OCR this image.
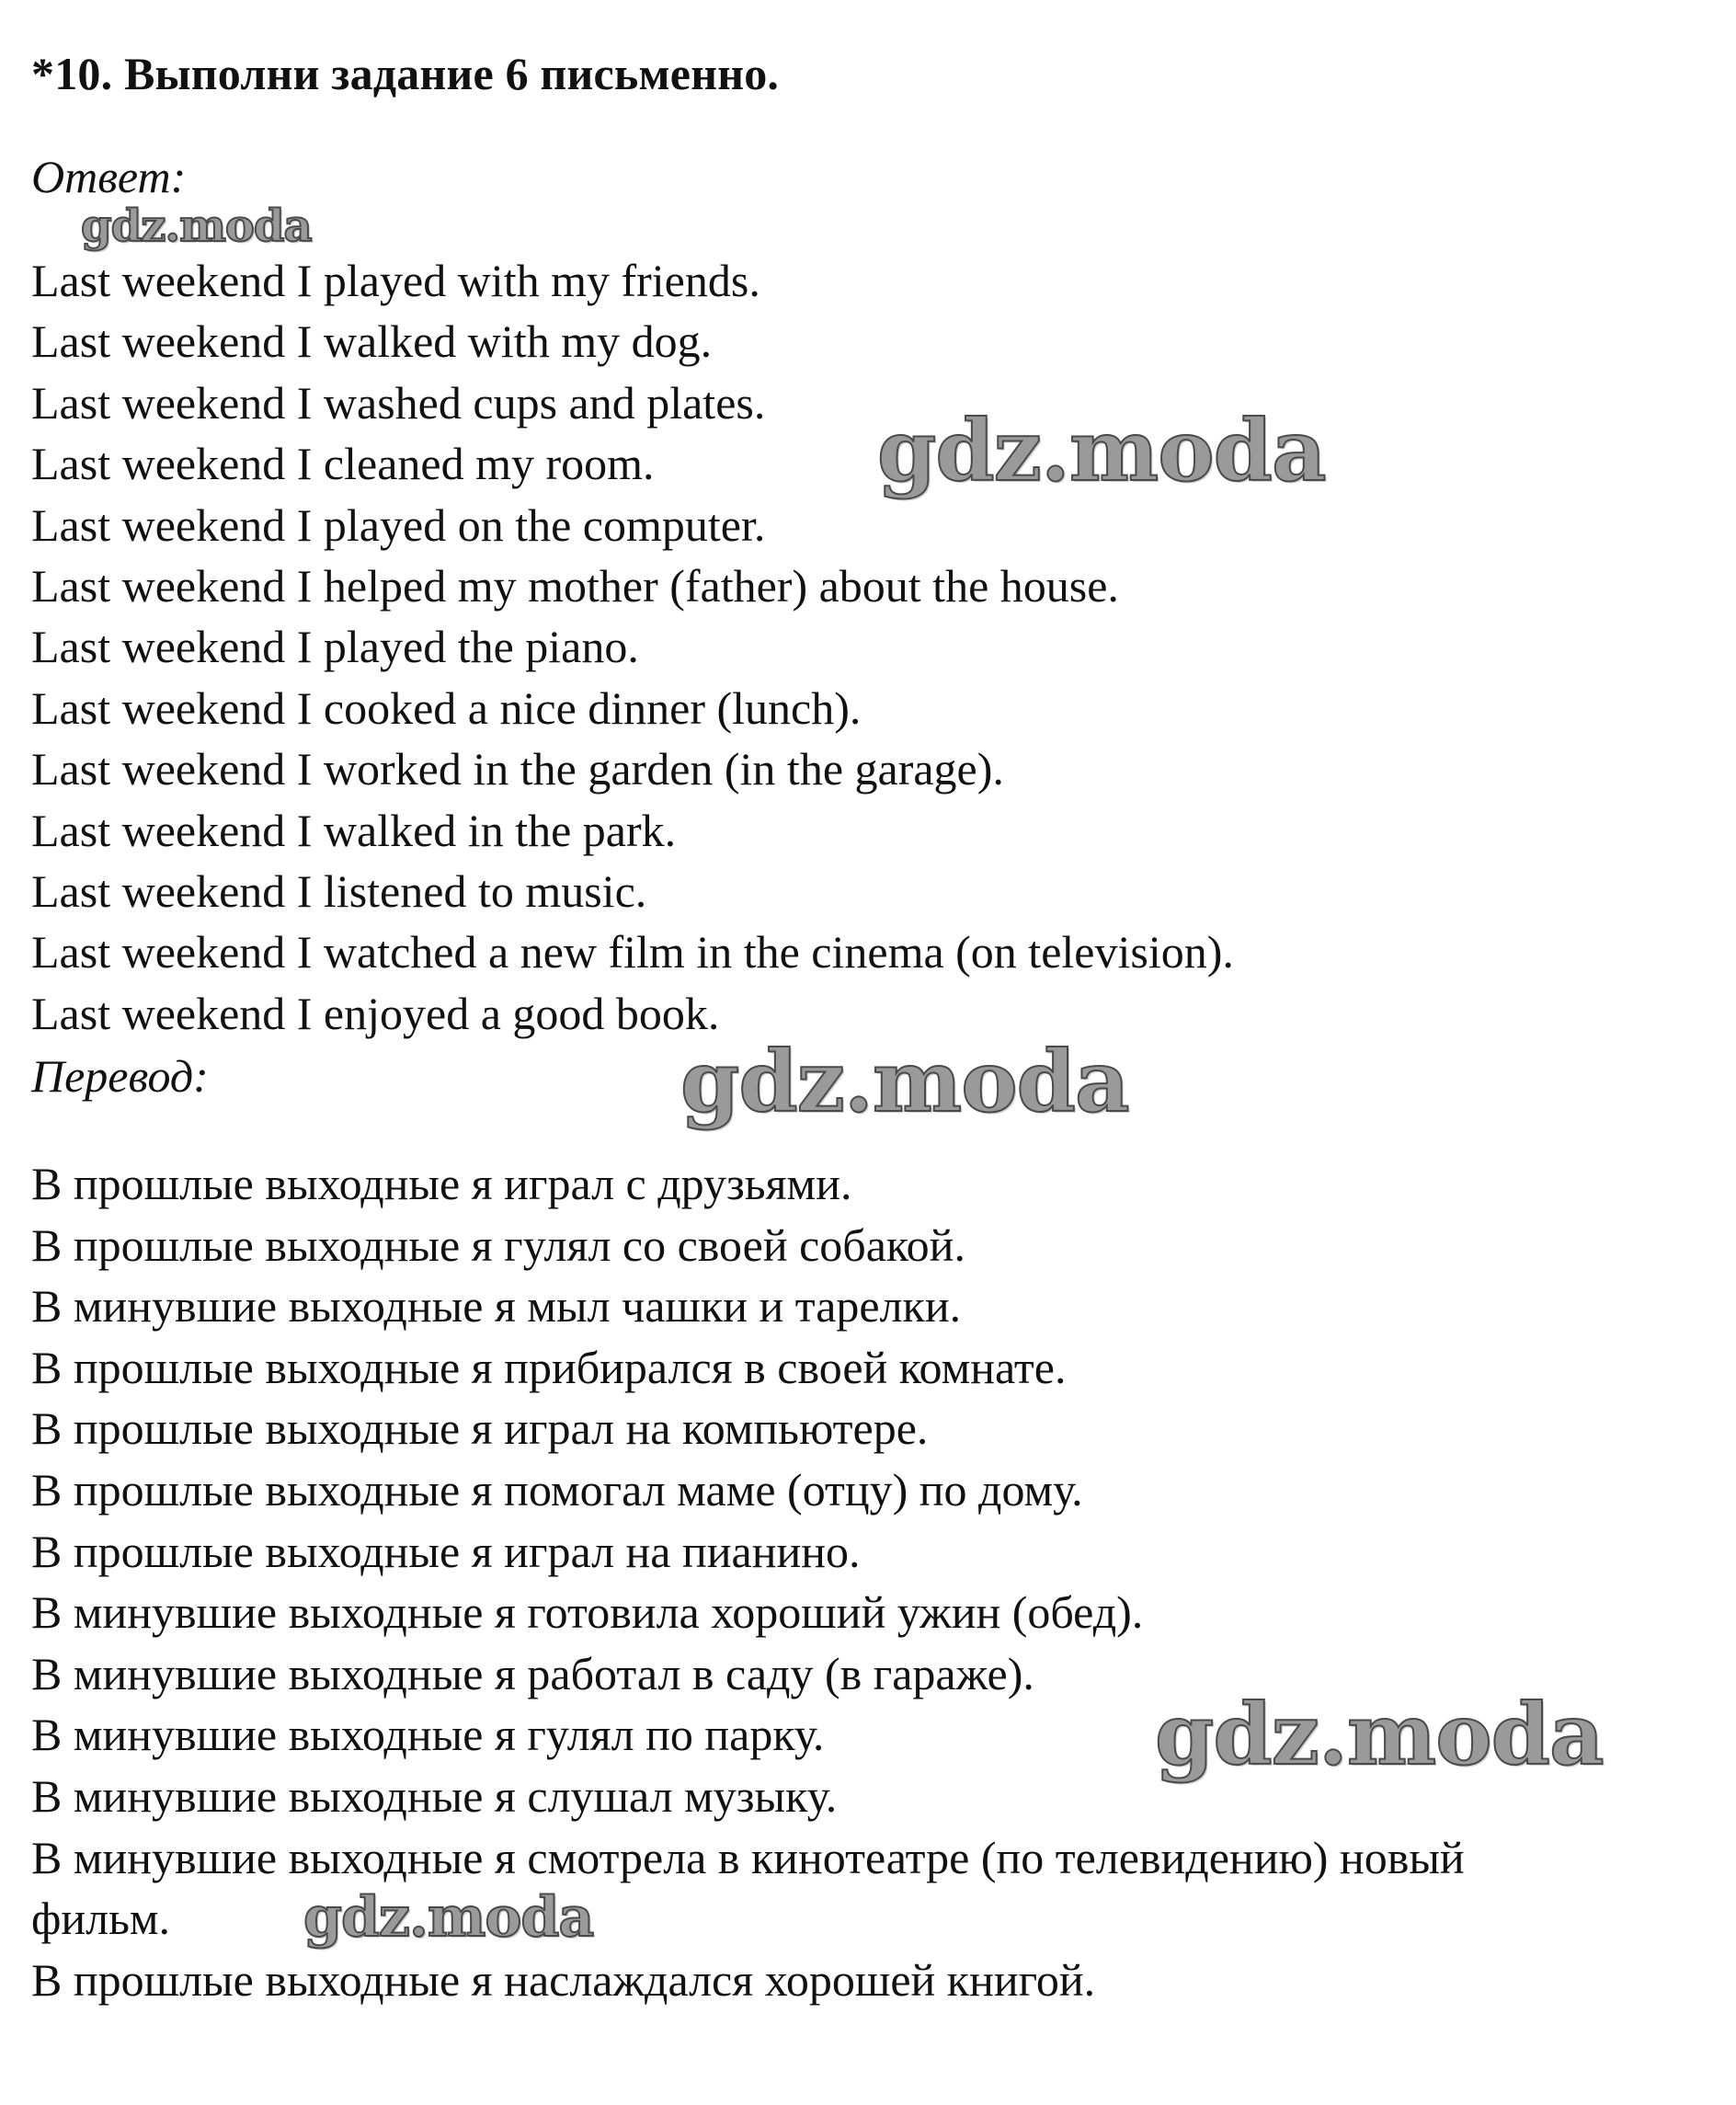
*10. Выполни задание 6 письменно.
Ответ:
Last weekend I played with my friends.
Last weekend I walked with my dog.
Last weekend I washed cups and plates.
Last weekend I cleaned my room.
Last weekend I played on the computer.
Last weekend I helped my mother (father) about the house.
Last weekend I played the piano.
Last weekend I cooked a nice dinner (lunch).
Last weekend I worked in the garden (in the garage).
Last weekend I walked in the park.
Last weekend I listened to music.
Last weekend I watched a new film in the cinema (on television).
Last weekend I enjoyed a good book.
Перевод:
В прошлые выходные я играл с друзьями.
В прошлые выходные я гулял со своей собакой.
В минувшие выходные я мыл чашки и тарелки.
В прошлые выходные я прибирался в своей комнате.
В прошлые выходные я играл на компьютере.
В прошлые выходные я помогал маме (отцу) по дому.
В прошлые выходные я играл на пианино.
В минувшие выходные я готовила хороший ужин (обед).
В минувшие выходные я работал в саду (в гараже).
В минувшие выходные я гулял по парку.
В минувшие выходные я слушал музыку.
В минувшие выходные я смотрела в кинотеатре (по телевидению) новый
фильм.
В прошлые выходные я наслаждался хорошей книгой.
gdz.moda
gdz.moda
gdz.moda
gdz.moda
gdz.moda
